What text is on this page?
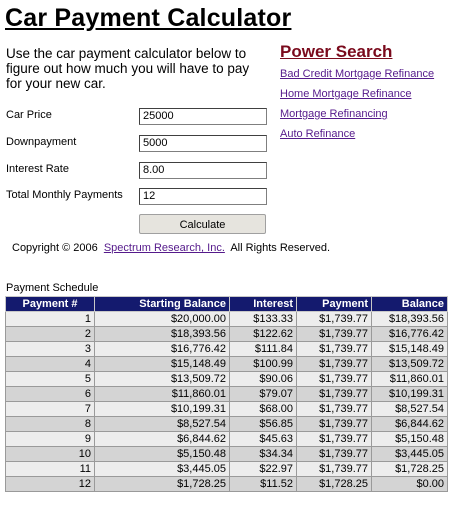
Car Payment Calculator
Use the car payment calculator below to figure out how much you will have to pay for your new car.
Power Search
Bad Credit Mortgage Refinance
Home Mortgage Refinance
Mortgage Refinancing
Auto Refinance
Car Price	25000
Downpayment	5000
Interest Rate	8.00
Total Monthly Payments	12
Calculate
Copyright © 2006 Spectrum Research, Inc. All Rights Reserved.
Payment Schedule
Payment #	Starting Balance	Interest	Payment	Balance
1	$20,000.00	$133.33	$1,739.77	$18,393.56
2	$18,393.56	$122.62	$1,739.77	$16,776.42
3	$16,776.42	$111.84	$1,739.77	$15,148.49
4	$15,148.49	$100.99	$1,739.77	$13,509.72
5	$13,509.72	$90.06	$1,739.77	$11,860.01
6	$11,860.01	$79.07	$1,739.77	$10,199.31
7	$10,199.31	$68.00	$1,739.77	$8,527.54
8	$8,527.54	$56.85	$1,739.77	$6,844.62
9	$6,844.62	$45.63	$1,739.77	$5,150.48
10	$5,150.48	$34.34	$1,739.77	$3,445.05
11	$3,445.05	$22.97	$1,739.77	$1,728.25
12	$1,728.25	$11.52	$1,728.25	$0.00
